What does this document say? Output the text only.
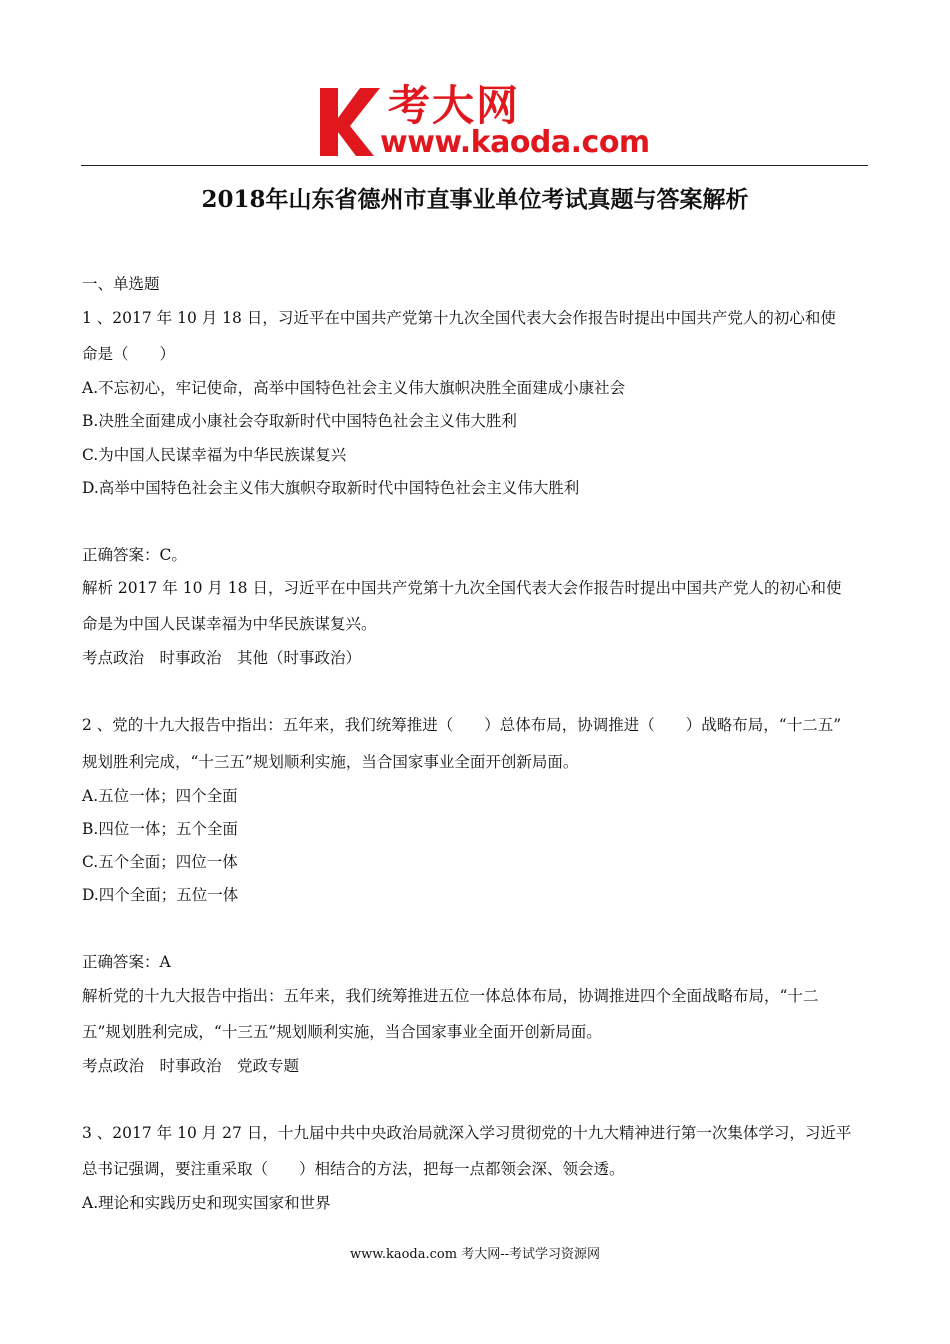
考大网
www.kaoda.com
2018年山东省德州市直事业单位考试真题与答案解析
一、单选题
1 、2017 年 10 月 18 日，习近平在中国共产党第十九次全国代表大会作报告时提出中国共产党人的初心和使
命是（　　）
A.不忘初心，牢记使命，高举中国特色社会主义伟大旗帜决胜全面建成小康社会
B.决胜全面建成小康社会夺取新时代中国特色社会主义伟大胜利
C.为中国人民谋幸福为中华民族谋复兴
D.高举中国特色社会主义伟大旗帜夺取新时代中国特色社会主义伟大胜利
正确答案：C。
解析 2017 年 10 月 18 日，习近平在中国共产党第十九次全国代表大会作报告时提出中国共产党人的初心和使
命是为中国人民谋幸福为中华民族谋复兴。
考点政治　时事政治　其他（时事政治）
2 、党的十九大报告中指出：五年来，我们统筹推进（　　）总体布局，协调推进（　　）战略布局，“十二五”
规划胜利完成，“十三五”规划顺利实施，当合国家事业全面开创新局面。
A.五位一体；四个全面
B.四位一体；五个全面
C.五个全面；四位一体
D.四个全面；五位一体
正确答案：A
解析党的十九大报告中指出：五年来，我们统筹推进五位一体总体布局，协调推进四个全面战略布局，“十二
五”规划胜利完成，“十三五”规划顺利实施，当合国家事业全面开创新局面。
考点政治　时事政治　党政专题
3 、2017 年 10 月 27 日，十九届中共中央政治局就深入学习贯彻党的十九大精神进行第一次集体学习，习近平
总书记强调，要注重采取（　　）相结合的方法，把每一点都领会深、领会透。
A.理论和实践历史和现实国家和世界
www.kaoda.com 考大网--考试学习资源网
